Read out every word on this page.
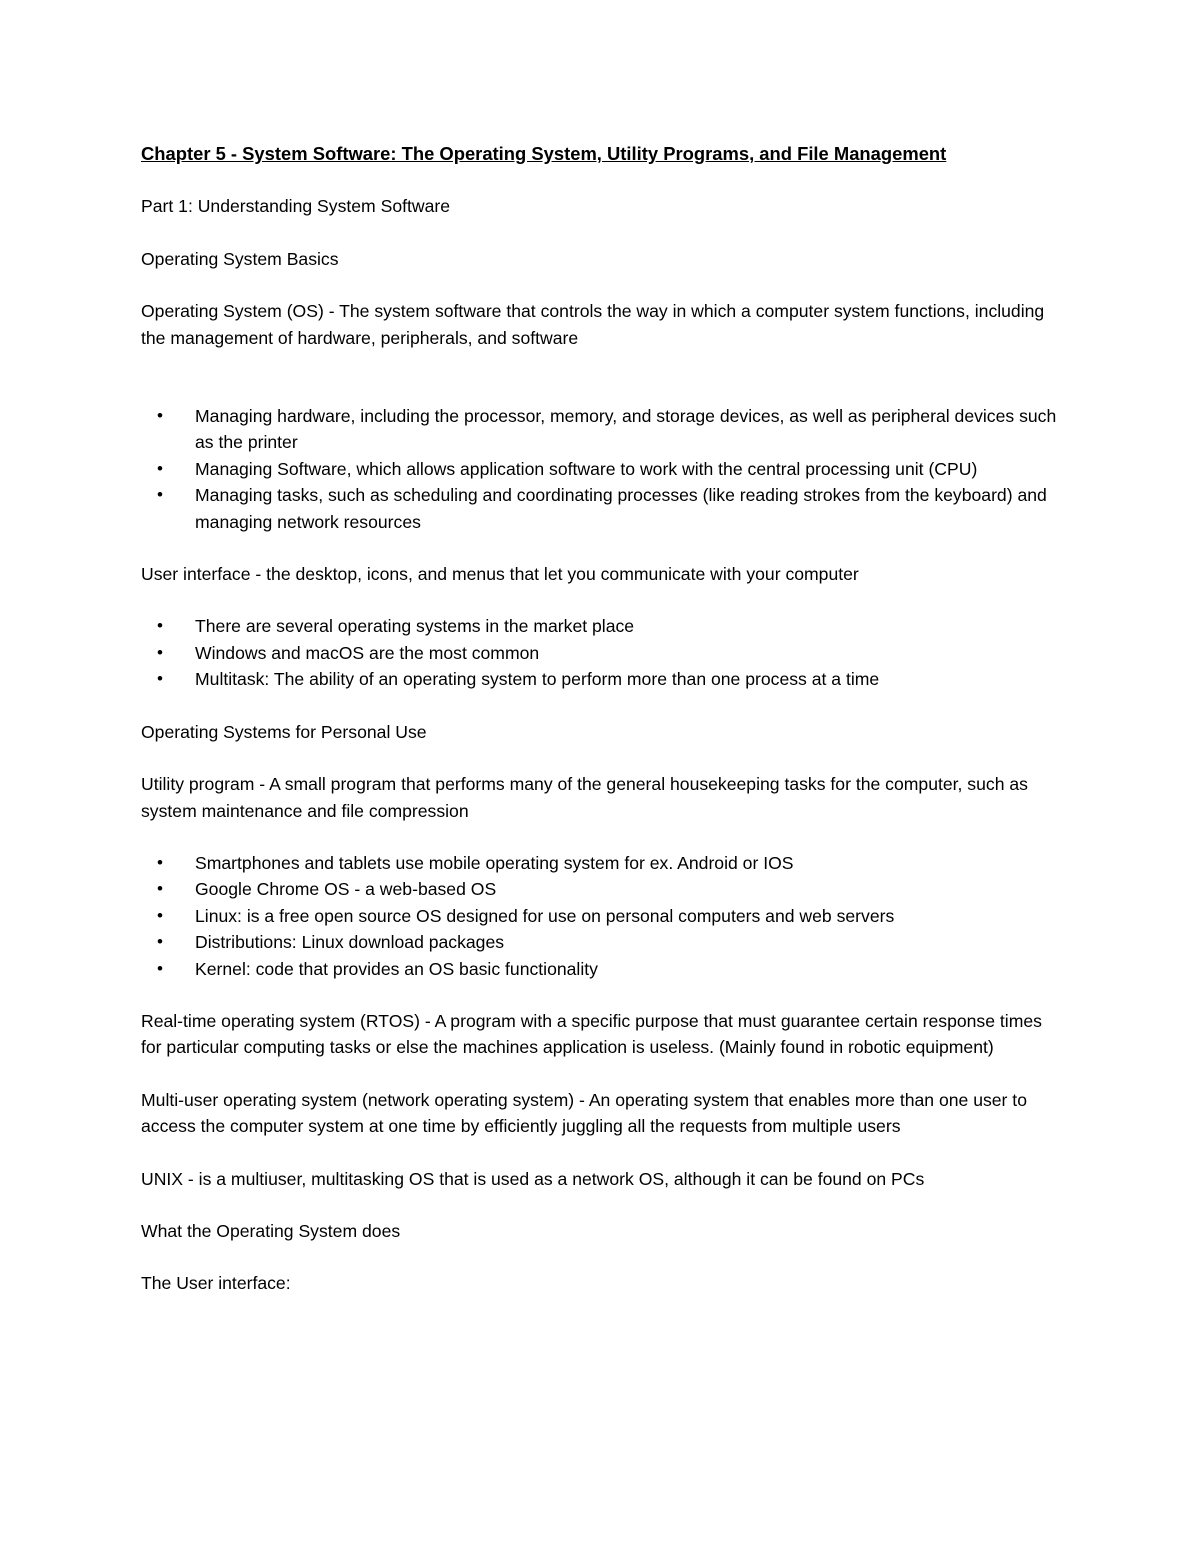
Chapter 5 - System Software: The Operating System, Utility Programs, and File Management

Part 1: Understanding System Software

Operating System Basics

Operating System (OS) - The system software that controls the way in which a computer system functions, including the management of hardware, peripherals, and software

• Managing hardware, including the processor, memory, and storage devices, as well as peripheral devices such as the printer
• Managing Software, which allows application software to work with the central processing unit (CPU)
• Managing tasks, such as scheduling and coordinating processes (like reading strokes from the keyboard) and managing network resources

User interface - the desktop, icons, and menus that let you communicate with your computer

• There are several operating systems in the market place
• Windows and macOS are the most common
• Multitask: The ability of an operating system to perform more than one process at a time

Operating Systems for Personal Use

Utility program - A small program that performs many of the general housekeeping tasks for the computer, such as system maintenance and file compression

• Smartphones and tablets use mobile operating system for ex. Android or IOS
• Google Chrome OS - a web-based OS
• Linux: is a free open source OS designed for use on personal computers and web servers
• Distributions: Linux download packages
• Kernel: code that provides an OS basic functionality

Real-time operating system (RTOS) - A program with a specific purpose that must guarantee certain response times for particular computing tasks or else the machines application is useless. (Mainly found in robotic equipment)

Multi-user operating system (network operating system) - An operating system that enables more than one user to access the computer system at one time by efficiently juggling all the requests from multiple users

UNIX - is a multiuser, multitasking OS that is used as a network OS, although it can be found on PCs

What the Operating System does

The User interface:
